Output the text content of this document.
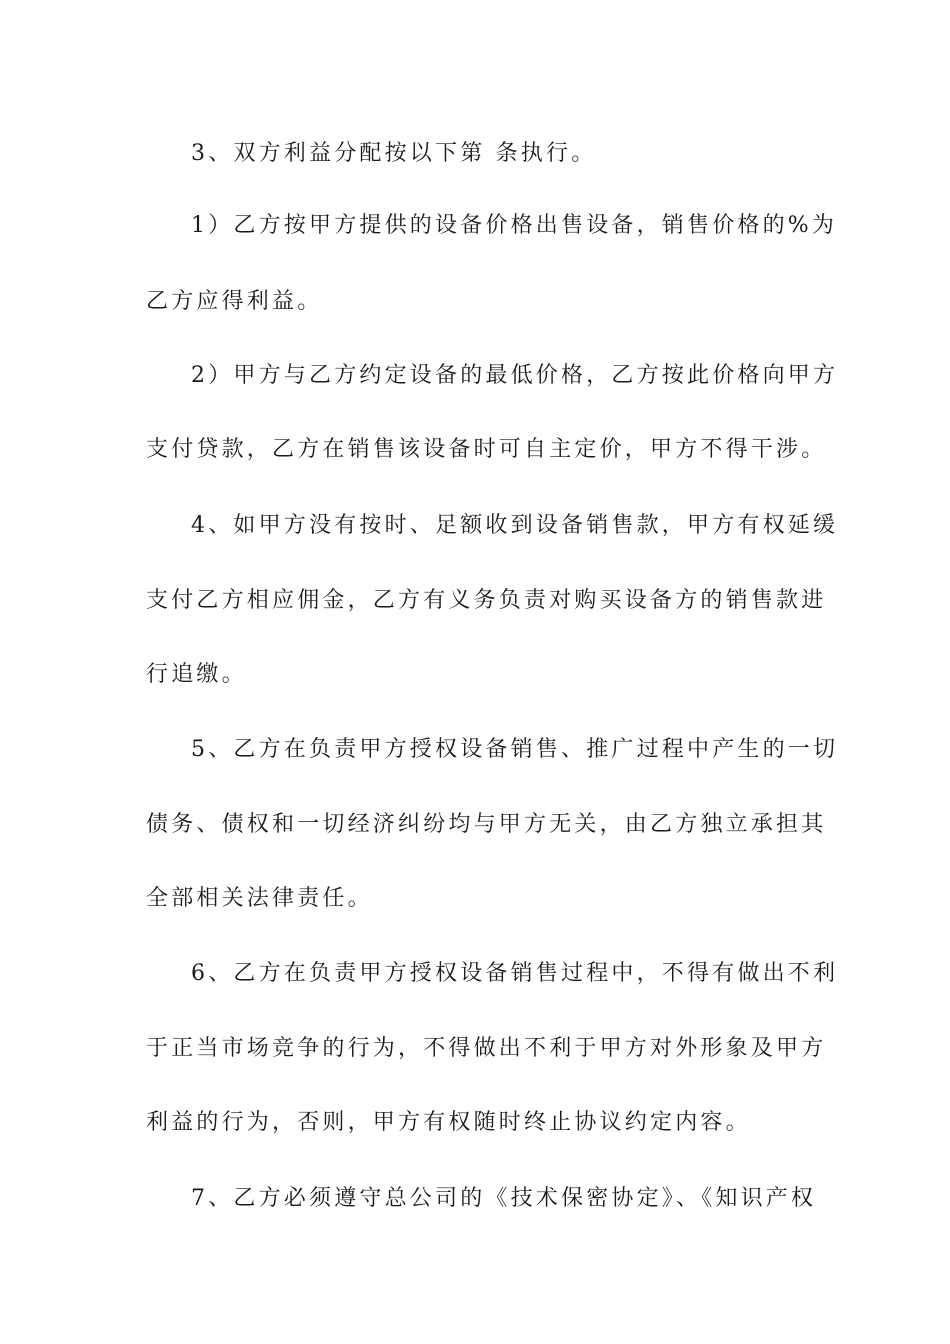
3、双方利益分配按以下第 条执行。
1）乙方按甲方提供的设备价格出售设备，销售价格的%为
乙方应得利益。
2）甲方与乙方约定设备的最低价格，乙方按此价格向甲方
支付贷款，乙方在销售该设备时可自主定价，甲方不得干涉。
4、如甲方没有按时、足额收到设备销售款，甲方有权延缓
支付乙方相应佣金，乙方有义务负责对购买设备方的销售款进
行追缴。
5、乙方在负责甲方授权设备销售、推广过程中产生的一切
债务、债权和一切经济纠纷均与甲方无关，由乙方独立承担其
全部相关法律责任。
6、乙方在负责甲方授权设备销售过程中，不得有做出不利
于正当市场竞争的行为，不得做出不利于甲方对外形象及甲方
利益的行为，否则，甲方有权随时终止协议约定内容。
7、乙方必须遵守总公司的《技术保密协定》、《知识产权
